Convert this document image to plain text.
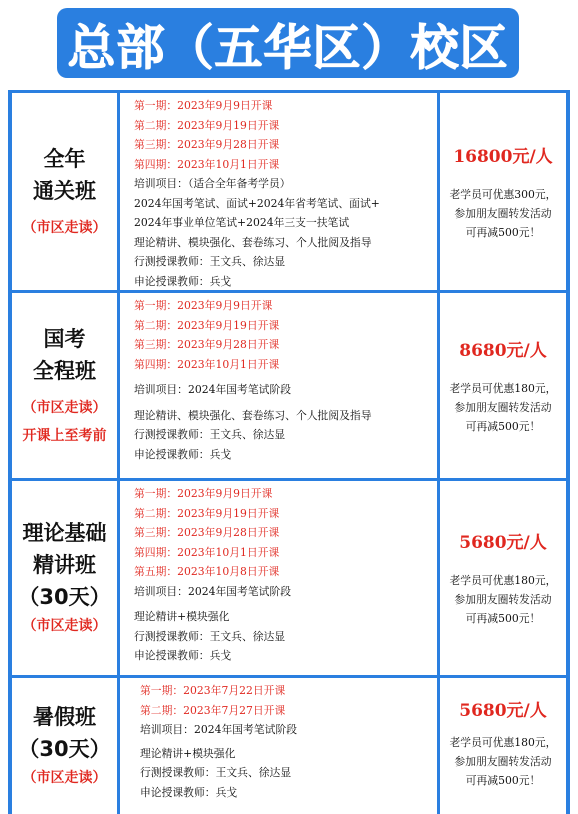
总部（五华区）校区
全年
通关班
（市区走读）
第一期：2023年9月9日开课
第二期：2023年9月19日开课
第三期：2023年9月28日开课
第四期：2023年10月1日开课
培训项目：（适合全年备考学员）
2024年国考笔试、面试+2024年省考笔试、面试+
2024年事业单位笔试+2024年三支一扶笔试
理论精讲、模块强化、套卷练习、个人批阅及指导
行测授课教师：王文兵、徐达显
申论授课教师：兵戈
16800元/人
老学员可优惠300元，
参加朋友圈转发活动
可再减500元！
国考
全程班
（市区走读）
开课上至考前
第一期：2023年9月9日开课
第二期：2023年9月19日开课
第三期：2023年9月28日开课
第四期：2023年10月1日开课
培训项目：2024年国考笔试阶段
理论精讲、模块强化、套卷练习、个人批阅及指导
行测授课教师：王文兵、徐达显
申论授课教师：兵戈
8680元/人
老学员可优惠180元，
参加朋友圈转发活动
可再减500元！
理论基础
精讲班
（30天）
（市区走读）
第一期：2023年9月9日开课
第二期：2023年9月19日开课
第三期：2023年9月28日开课
第四期：2023年10月1日开课
第五期：2023年10月8日开课
培训项目：2024年国考笔试阶段
理论精讲+模块强化
行测授课教师：王文兵、徐达显
申论授课教师：兵戈
5680元/人
老学员可优惠180元，
参加朋友圈转发活动
可再减500元！
暑假班
（30天）
（市区走读）
第一期：2023年7月22日开课
第二期：2023年7月27日开课
培训项目：2024年国考笔试阶段
理论精讲+模块强化
行测授课教师：王文兵、徐达显
申论授课教师：兵戈
5680元/人
老学员可优惠180元，
参加朋友圈转发活动
可再减500元！
